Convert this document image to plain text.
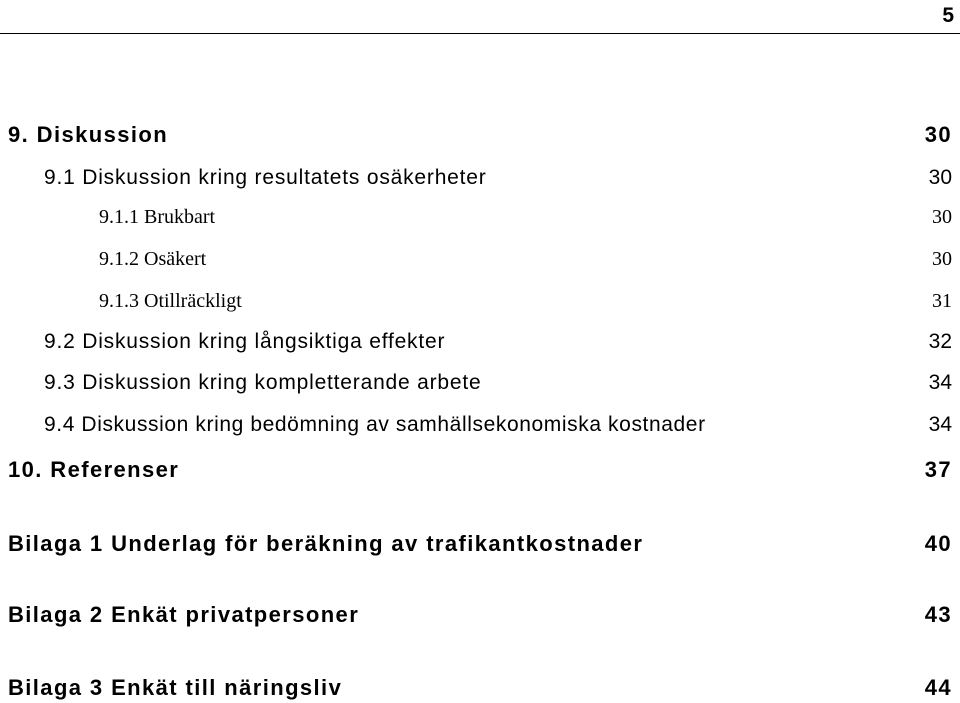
5
9. Diskussion	30
9.1 Diskussion kring resultatets osäkerheter	30
9.1.1 Brukbart	30
9.1.2 Osäkert	30
9.1.3 Otillräckligt	31
9.2 Diskussion kring långsiktiga effekter	32
9.3 Diskussion kring kompletterande arbete	34
9.4 Diskussion kring bedömning av samhällsekonomiska kostnader	34
10. Referenser	37
Bilaga 1 Underlag för beräkning av trafikantkostnader	40
Bilaga 2 Enkät privatpersoner	43
Bilaga 3 Enkät till näringsliv	44
